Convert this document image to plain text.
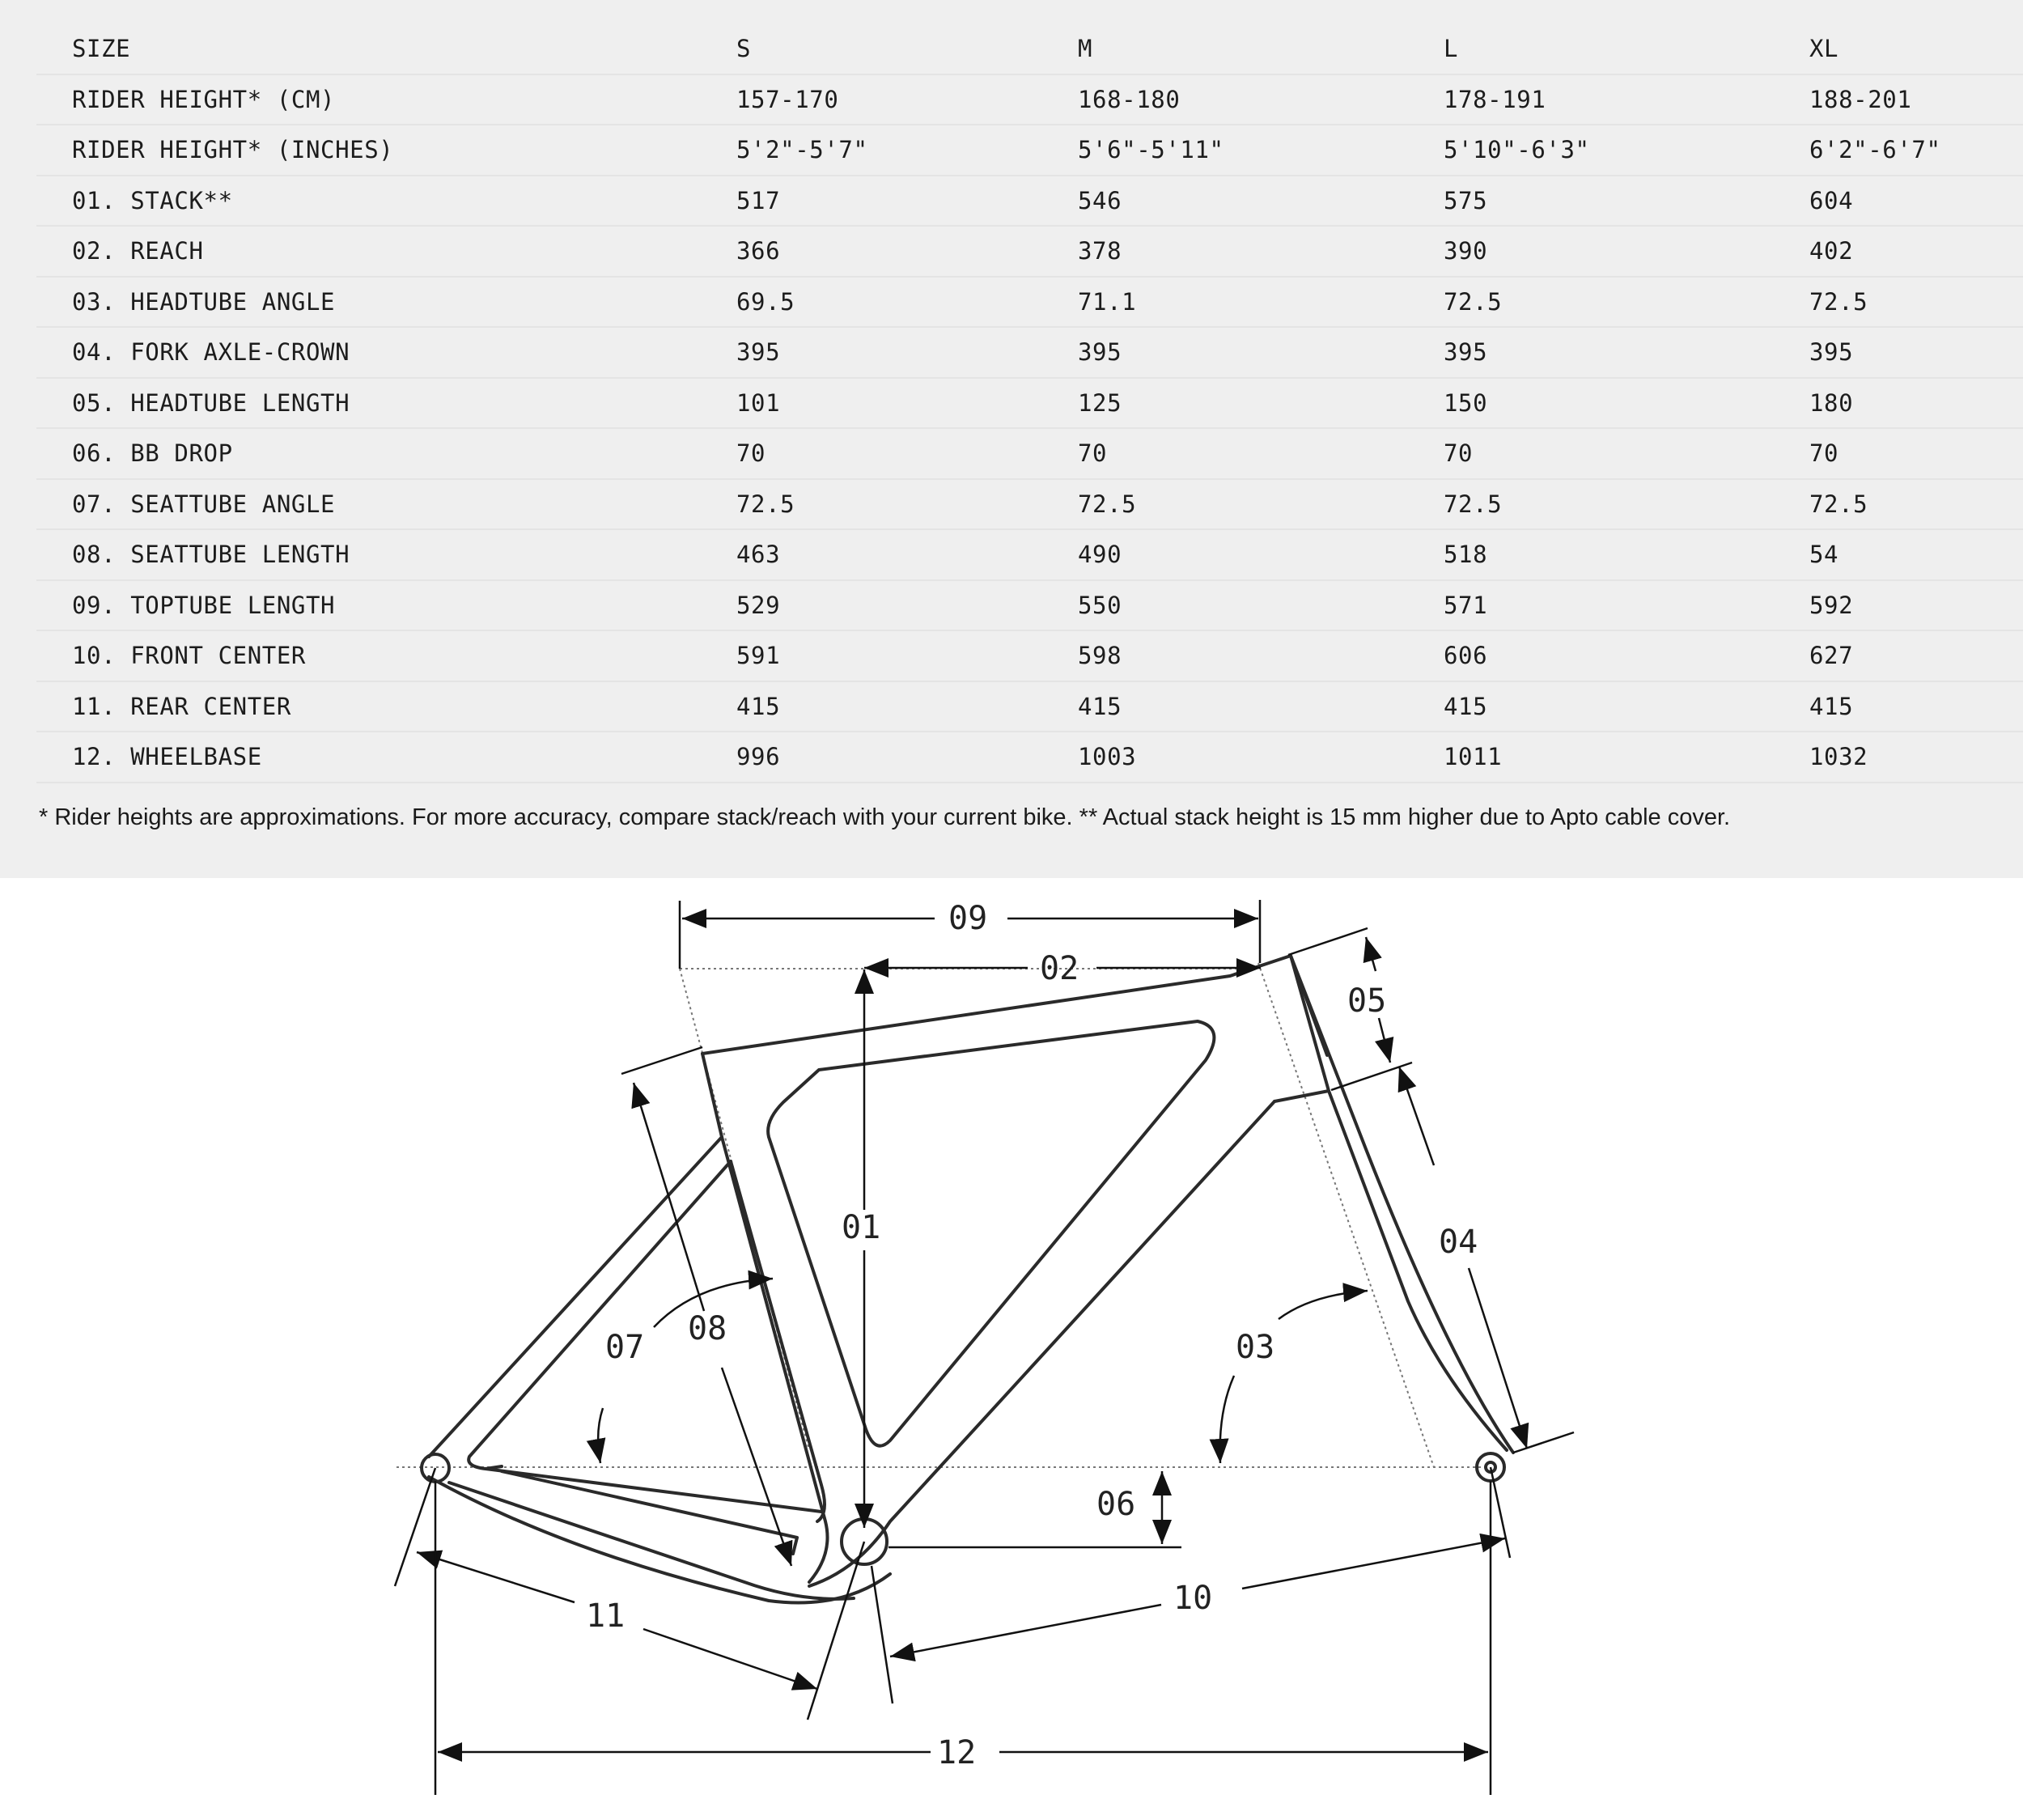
SIZE	S	M	L	XL
RIDER HEIGHT* (CM)	157-170	168-180	178-191	188-201
RIDER HEIGHT* (INCHES)	5'2"-5'7"	5'6"-5'11"	5'10"-6'3"	6'2"-6'7"
01. STACK**	517	546	575	604
02. REACH	366	378	390	402
03. HEADTUBE ANGLE	69.5	71.1	72.5	72.5
04. FORK AXLE-CROWN	395	395	395	395
05. HEADTUBE LENGTH	101	125	150	180
06. BB DROP	70	70	70	70
07. SEATTUBE ANGLE	72.5	72.5	72.5	72.5
08. SEATTUBE LENGTH	463	490	518	54
09. TOPTUBE LENGTH	529	550	571	592
10. FRONT CENTER	591	598	606	627
11. REAR CENTER	415	415	415	415
12. WHEELBASE	996	1003	1011	1032
* Rider heights are approximations. For more accuracy, compare stack/reach with your current bike. ** Actual stack height is 15 mm higher due to Apto cable cover.
09
02
05
01	04
08
07	03
06
10
11
12
